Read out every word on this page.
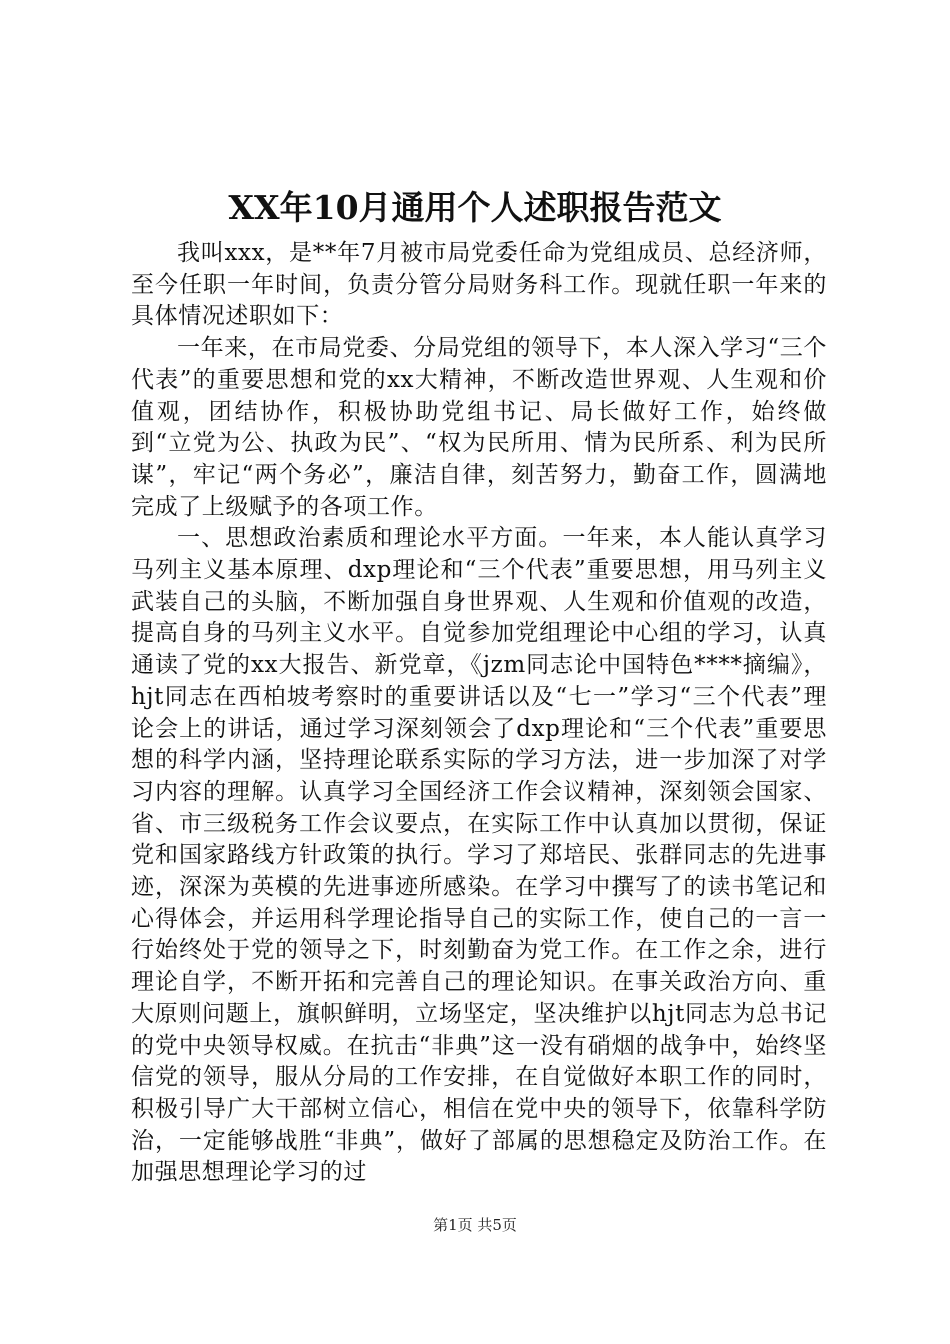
XX年10月通用个人述职报告范文

我叫xxx，是**年7月被市局党委任命为党组成员、总经济师，至今任职一年时间，负责分管分局财务科工作。现就任职一年来的具体情况述职如下：

一年来，在市局党委、分局党组的领导下，本人深入学习“三个代表”的重要思想和党的xx大精神，不断改造世界观、人生观和价值观，团结协作，积极协助党组书记、局长做好工作，始终做到“立党为公、执政为民”、“权为民所用、情为民所系、利为民所谋”，牢记“两个务必”，廉洁自律，刻苦努力，勤奋工作，圆满地完成了上级赋予的各项工作。

一、思想政治素质和理论水平方面。一年来，本人能认真学习马列主义基本原理、dxp理论和“三个代表”重要思想，用马列主义武装自己的头脑，不断加强自身世界观、人生观和价值观的改造，提高自身的马列主义水平。自觉参加党组理论中心组的学习，认真通读了党的xx大报告、新党章，《jzm同志论中国特色****摘编》，hjt同志在西柏坡考察时的重要讲话以及“七一”学习“三个代表”理论会上的讲话，通过学习深刻领会了dxp理论和“三个代表”重要思想的科学内涵，坚持理论联系实际的学习方法，进一步加深了对学习内容的理解。认真学习全国经济工作会议精神，深刻领会国家、省、市三级税务工作会议要点，在实际工作中认真加以贯彻，保证党和国家路线方针政策的执行。学习了郑培民、张群同志的先进事迹，深深为英模的先进事迹所感染。在学习中撰写了的读书笔记和心得体会，并运用科学理论指导自己的实际工作，使自己的一言一行始终处于党的领导之下，时刻勤奋为党工作。在工作之余，进行理论自学，不断开拓和完善自己的理论知识。在事关政治方向、重大原则问题上，旗帜鲜明，立场坚定，坚决维护以hjt同志为总书记的党中央领导权威。在抗击“非典”这一没有硝烟的战争中，始终坚信党的领导，服从分局的工作安排，在自觉做好本职工作的同时，积极引导广大干部树立信心，相信在党中央的领导下，依靠科学防治，一定能够战胜“非典”，做好了部属的思想稳定及防治工作。在加强思想理论学习的过

第1页 共5页
